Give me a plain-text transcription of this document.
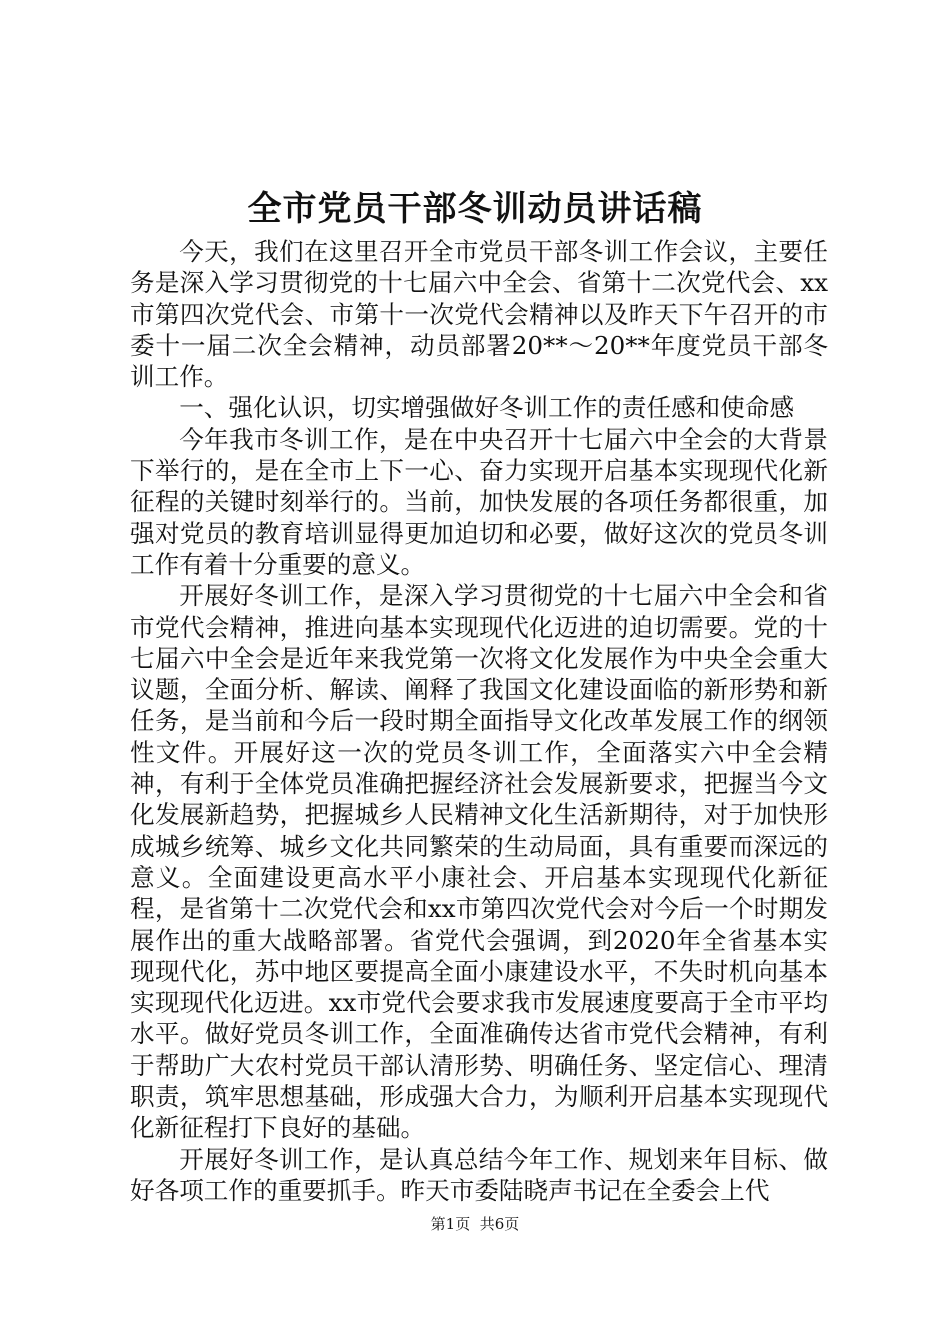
全市党员干部冬训动员讲话稿

今天，我们在这里召开全市党员干部冬训工作会议，主要任务是深入学习贯彻党的十七届六中全会、省第十二次党代会、xx市第四次党代会、市第十一次党代会精神以及昨天下午召开的市委十一届二次全会精神，动员部署20**～20**年度党员干部冬训工作。

一、强化认识，切实增强做好冬训工作的责任感和使命感

今年我市冬训工作，是在中央召开十七届六中全会的大背景下举行的，是在全市上下一心、奋力实现开启基本实现现代化新征程的关键时刻举行的。当前，加快发展的各项任务都很重，加强对党员的教育培训显得更加迫切和必要，做好这次的党员冬训工作有着十分重要的意义。

开展好冬训工作，是深入学习贯彻党的十七届六中全会和省市党代会精神，推进向基本实现现代化迈进的迫切需要。党的十七届六中全会是近年来我党第一次将文化发展作为中央全会重大议题，全面分析、解读、阐释了我国文化建设面临的新形势和新任务，是当前和今后一段时期全面指导文化改革发展工作的纲领性文件。开展好这一次的党员冬训工作，全面落实六中全会精神，有利于全体党员准确把握经济社会发展新要求，把握当今文化发展新趋势，把握城乡人民精神文化生活新期待，对于加快形成城乡统筹、城乡文化共同繁荣的生动局面，具有重要而深远的意义。全面建设更高水平小康社会、开启基本实现现代化新征程，是省第十二次党代会和xx市第四次党代会对今后一个时期发展作出的重大战略部署。省党代会强调，到2020年全省基本实现现代化，苏中地区要提高全面小康建设水平，不失时机向基本实现现代化迈进。xx市党代会要求我市发展速度要高于全市平均水平。做好党员冬训工作，全面准确传达省市党代会精神，有利于帮助广大农村党员干部认清形势、明确任务、坚定信心、理清职责，筑牢思想基础，形成强大合力，为顺利开启基本实现现代化新征程打下良好的基础。

开展好冬训工作，是认真总结今年工作、规划来年目标、做好各项工作的重要抓手。昨天市委陆晓声书记在全委会上代

第1页 共6页
